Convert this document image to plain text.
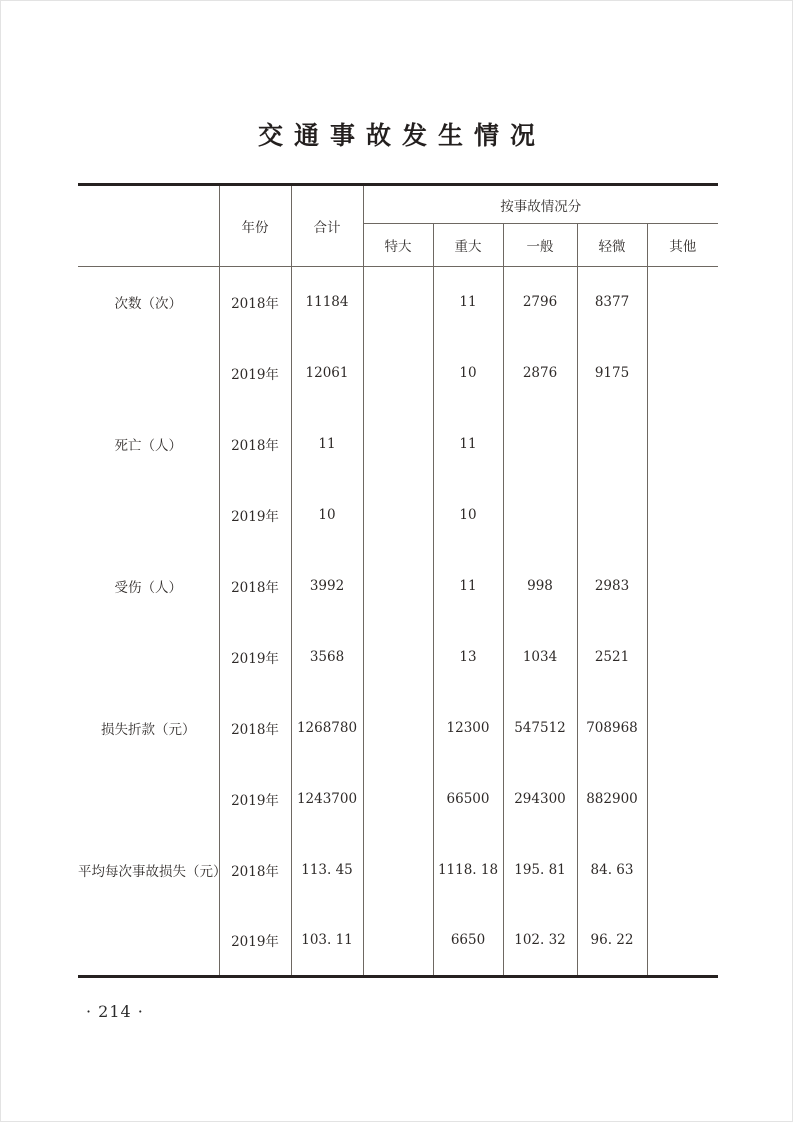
交通事故发生情况
	年份	合计	按事故情况分				
			特大	重大	一般	轻微	其他
次数（次）	2018年	11184		11	2796	8377	
	2019年	12061		10	2876	9175	
死亡（人）	2018年	11		11			
	2019年	10		10			
受伤（人）	2018年	3992		11	998	2983	
	2019年	3568		13	1034	2521	
损失折款（元）	2018年	1268780		12300	547512	708968	
	2019年	1243700		66500	294300	882900	
平均每次事故损失（元）	2018年	113. 45		1118. 18	195. 81	84. 63	
	2019年	103. 11		6650	102. 32	96. 22	
· 214 ·
